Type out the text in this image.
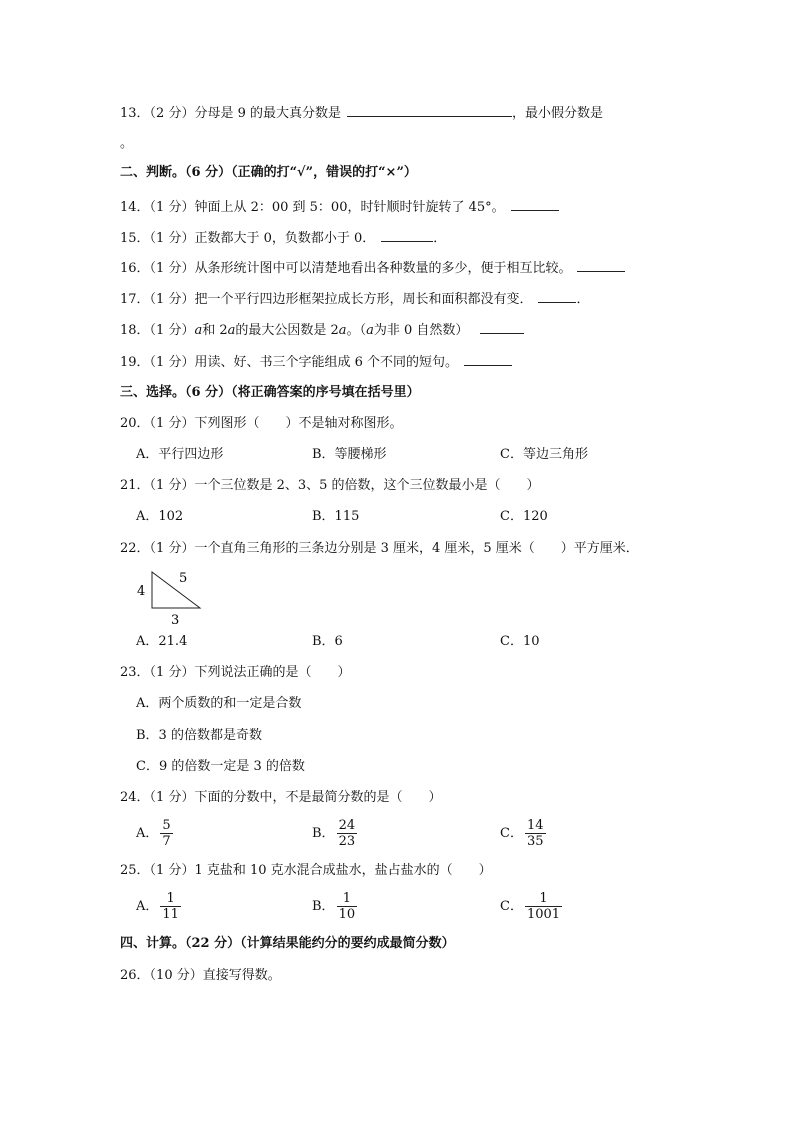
13．（2 分）分母是 9 的最大真分数是	，最小假分数是
。
二、判断。（6 分）（正确的打“√”，错误的打“×”）
14．（1 分）钟面上从 2：00 到 5：00，时针顺时针旋转了 45°。
15．（1 分）正数都大于 0，负数都小于 0．	．
16．（1 分）从条形统计图中可以清楚地看出各种数量的多少，便于相互比较。
17．（1 分）把一个平行四边形框架拉成长方形，周长和面积都没有变．	．
18．（1 分）a和 2a的最大公因数是 2a。（a为非 0 自然数）
19．（1 分）用读、好、书三个字能组成 6 个不同的短句。
三、选择。（6 分）（将正确答案的序号填在括号里）
20．（1 分）下列图形（　　）不是轴对称图形。
A．平行四边形	B．等腰梯形	C．等边三角形
21．（1 分）一个三位数是 2、3、5 的倍数，这个三位数最小是（　　）
A．102	B．115	C．120
22．（1 分）一个直角三角形的三条边分别是 3 厘米，4 厘米，5 厘米（　　）平方厘米．
4
5
3
A．21.4	B．6	C．10
23．（1 分）下列说法正确的是（　　）
A．两个质数的和一定是合数
B．3 的倍数都是奇数
C．9 的倍数一定是 3 的倍数
24．（1 分）下面的分数中，不是最简分数的是（　　）
A． $\frac{5}{7}$	B． $\frac{24}{23}$	C． $\frac{14}{35}$
25．（1 分）1 克盐和 10 克水混合成盐水，盐占盐水的（　　）
A． $\frac{1}{11}$	B． $\frac{1}{10}$	C． $\frac{1}{1001}$
四、计算。（22 分）（计算结果能约分的要约成最简分数）
26．（10 分）直接写得数。
